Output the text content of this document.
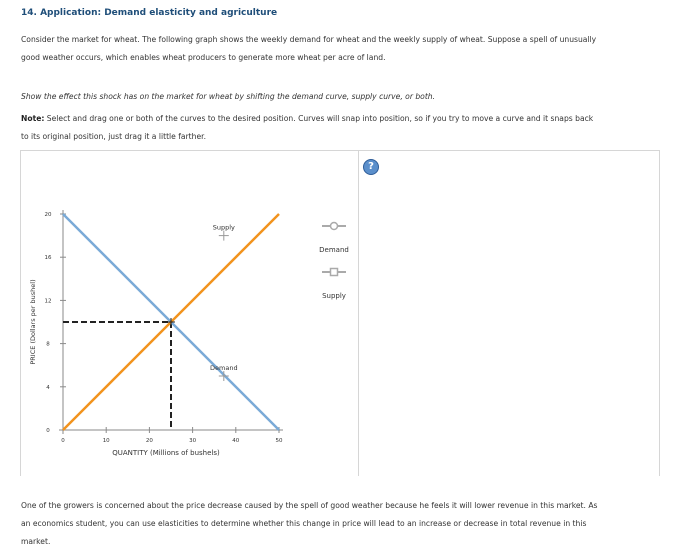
14. Application: Demand elasticity and agriculture
Consider the market for wheat. The following graph shows the weekly demand for wheat and the weekly supply of wheat. Suppose a spell of unusually
good weather occurs, which enables wheat producers to generate more wheat per acre of land.
Show the effect this shock has on the market for wheat by shifting the demand curve, supply curve, or both.
Note: Select and drag one or both of the curves to the desired position. Curves will snap into position, so if you try to move a curve and it snaps back
to its original position, just drag it a little farther.
?
0	10	20	30	40	50
0
4
8
12
16
20
QUANTITY (Millions of bushels)
PRICE (Dollars per bushel)
Supply
Demand
Demand
Supply
One of the growers is concerned about the price decrease caused by the spell of good weather because he feels it will lower revenue in this market. As
an economics student, you can use elasticities to determine whether this change in price will lead to an increase or decrease in total revenue in this
market.
